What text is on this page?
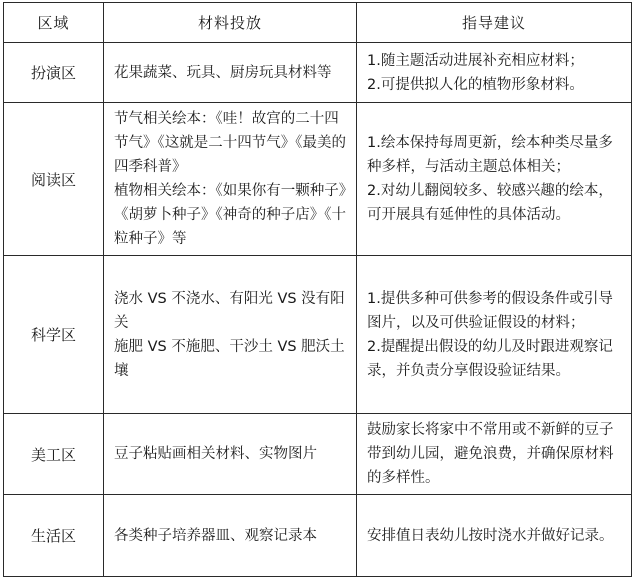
区域	材料投放	指导建议
扮演区	花果蔬菜、玩具、厨房玩具材料等	1.随主题活动进展补充相应材料；
2.可提供拟人化的植物形象材料。

阅读区	节气相关绘本：《哇！故宫的二十四节气》《这就是二十四节气》《最美的四季科普》
植物相关绘本：《如果你有一颗种子》《胡萝卜种子》《神奇的种子店》《十粒种子》等	1.绘本保持每周更新，绘本种类尽量多种多样，与活动主题总体相关；
2.对幼儿翻阅较多、较感兴趣的绘本，可开展具有延伸性的具体活动。

科学区	浇水 VS 不浇水、有阳光 VS 没有阳关
施肥 VS 不施肥、干沙土 VS 肥沃土壤	1.提供多种可供参考的假设条件或引导图片，以及可供验证假设的材料；
2.提醒提出假设的幼儿及时跟进观察记录，并负责分享假设验证结果。

美工区	豆子粘贴画相关材料、实物图片	鼓励家长将家中不常用或不新鲜的豆子带到幼儿园，避免浪费，并确保原材料的多样性。

生活区	各类种子培养器皿、观察记录本	安排值日表幼儿按时浇水并做好记录。
